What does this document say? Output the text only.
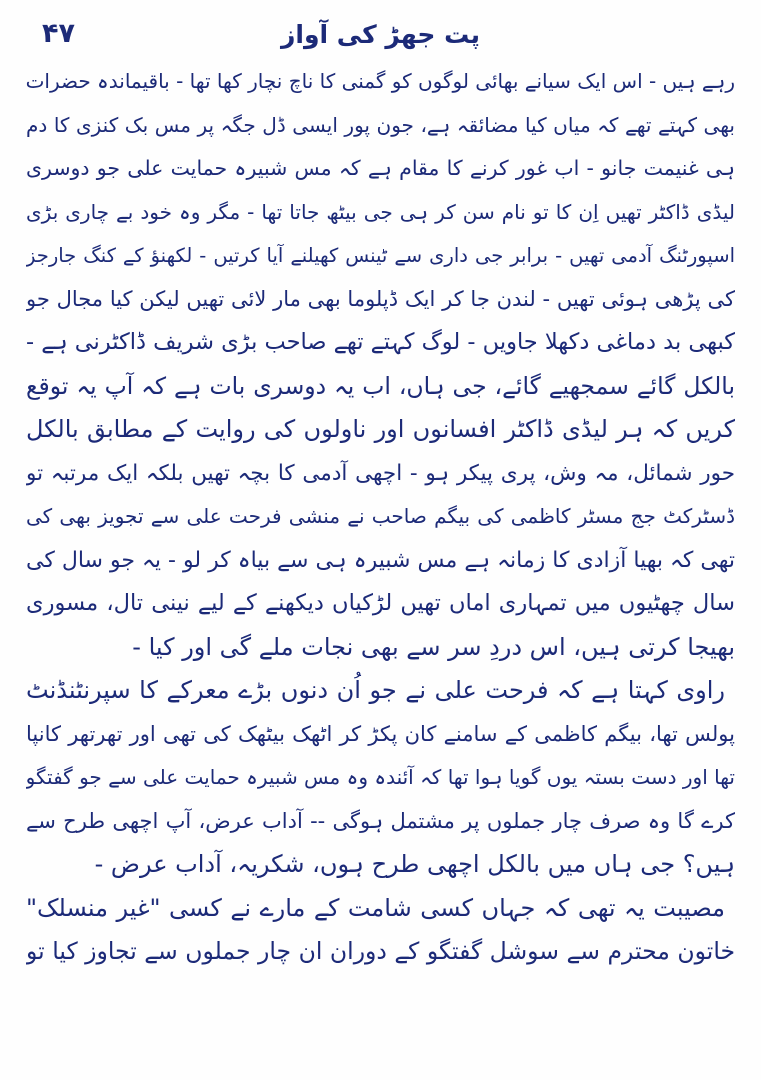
پت جھڑ کی آواز
۴۷
رہے ہیں - اس ایک سیانے بھائی لوگوں کو گمنی کا ناچ نچار کھا تھا - باقیماندہ حضرات
بھی کہتے تھے کہ میاں کیا مضائقہ ہے، جون پور ایسی ڈل جگہ پر مس بک کنزی کا دم
ہی غنیمت جانو - اب غور کرنے کا مقام ہے کہ مس شبیرہ حمایت علی جو دوسری
لیڈی ڈاکٹر تھیں اِن کا تو نام سن کر ہی جی بیٹھ جاتا تھا - مگر وہ خود بے چاری بڑی
اسپورٹنگ آدمی تھیں - برابر جی داری سے ٹینس کھیلنے آیا کرتیں - لکھنؤ کے کنگ جارجز
کی پڑھی ہوئی تھیں - لندن جا کر ایک ڈپلوما بھی مار لائی تھیں لیکن کیا مجال جو
کبھی بد دماغی دکھلا جاویں - لوگ کہتے تھے صاحب بڑی شریف ڈاکٹرنی ہے -
بالکل گائے سمجھیے گائے، جی ہاں، اب یہ دوسری بات ہے کہ آپ یہ توقع
کریں کہ ہر لیڈی ڈاکٹر افسانوں اور ناولوں کی روایت کے مطابق بالکل
حور شمائل، مہ وش، پری پیکر ہو - اچھی آدمی کا بچہ تھیں بلکہ ایک مرتبہ تو
ڈسٹرکٹ جج مسٹر کاظمی کی بیگم صاحب نے منشی فرحت علی سے تجویز بھی کی
تھی کہ بھیا آزادی کا زمانہ ہے مس شبیرہ ہی سے بیاہ کر لو - یہ جو سال کی
سال چھٹیوں میں تمہاری اماں تھیں لڑکیاں دیکھنے کے لیے نینی تال، مسوری
بھیجا کرتی ہیں، اس دردِ سر سے بھی نجات ملے گی اور کیا -
راوی کہتا ہے کہ فرحت علی نے جو اُن دنوں بڑے معرکے کا سپرنٹنڈنٹ
پولس تھا، بیگم کاظمی کے سامنے کان پکڑ کر اٹھک بیٹھک کی تھی اور تھرتھر کانپا
تھا اور دست بستہ یوں گویا ہوا تھا کہ آئندہ وہ مس شبیرہ حمایت علی سے جو گفتگو
کرے گا وہ صرف چار جملوں پر مشتمل ہوگی -- آداب عرض، آپ اچھی طرح سے
ہیں؟ جی ہاں میں بالکل اچھی طرح ہوں، شکریہ، آداب عرض -
مصیبت یہ تھی کہ جہاں کسی شامت کے مارے نے کسی "غیر منسلک"
خاتون محترم سے سوشل گفتگو کے دوران ان چار جملوں سے تجاوز کیا تو
